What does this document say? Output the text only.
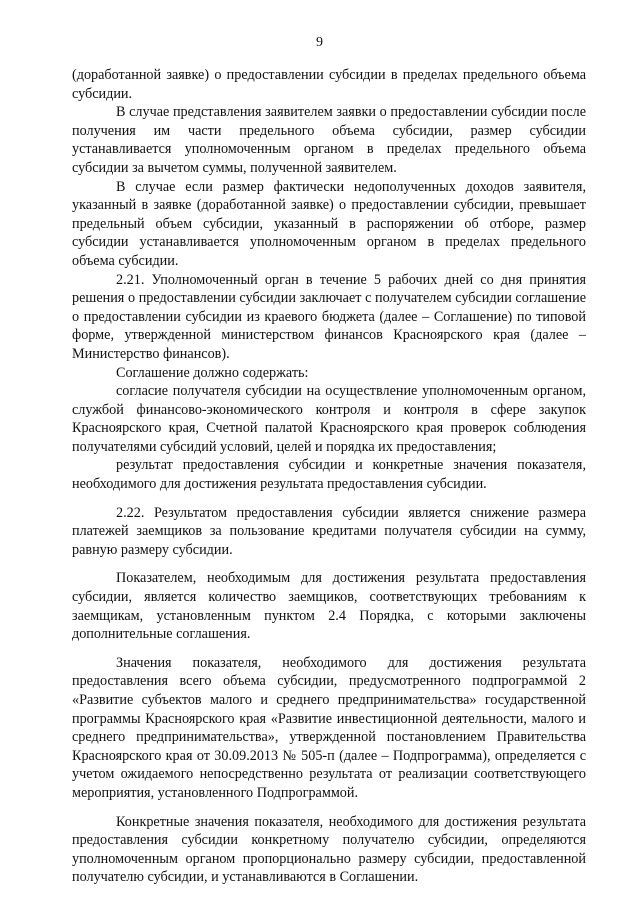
9

(доработанной заявке) о предоставлении субсидии в пределах предельного объема субсидии.

В случае представления заявителем заявки о предоставлении субсидии после получения им части предельного объема субсидии, размер субсидии устанавливается уполномоченным органом в пределах предельного объема субсидии за вычетом суммы, полученной заявителем.

В случае если размер фактически недополученных доходов заявителя, указанный в заявке (доработанной заявке) о предоставлении субсидии, превышает предельный объем субсидии, указанный в распоряжении об отборе, размер субсидии устанавливается уполномоченным органом в пределах предельного объема субсидии.

2.21. Уполномоченный орган в течение 5 рабочих дней со дня принятия решения о предоставлении субсидии заключает с получателем субсидии соглашение о предоставлении субсидии из краевого бюджета (далее – Соглашение) по типовой форме, утвержденной министерством финансов Красноярского края (далее – Министерство финансов).

Соглашение должно содержать:

согласие получателя субсидии на осуществление уполномоченным органом, службой финансово-экономического контроля и контроля в сфере закупок Красноярского края, Счетной палатой Красноярского края проверок соблюдения получателями субсидий условий, целей и порядка их предоставления;

результат предоставления субсидии и конкретные значения показателя, необходимого для достижения результата предоставления субсидии.

2.22. Результатом предоставления субсидии является снижение размера платежей заемщиков за пользование кредитами получателя субсидии на сумму, равную размеру субсидии.

Показателем, необходимым для достижения результата предоставления субсидии, является количество заемщиков, соответствующих требованиям к заемщикам, установленным пунктом 2.4 Порядка, с которыми заключены дополнительные соглашения.

Значения показателя, необходимого для достижения результата предоставления всего объема субсидии, предусмотренного подпрограммой 2 «Развитие субъектов малого и среднего предпринимательства» государственной программы Красноярского края «Развитие инвестиционной деятельности, малого и среднего предпринимательства», утвержденной постановлением Правительства Красноярского края от 30.09.2013 № 505-п (далее – Подпрограмма), определяется с учетом ожидаемого непосредственно результата от реализации соответствующего мероприятия, установленного Подпрограммой.

Конкретные значения показателя, необходимого для достижения результата предоставления субсидии конкретному получателю субсидии, определяются уполномоченным органом пропорционально размеру субсидии, предоставленной получателю субсидии, и устанавливаются в Соглашении.
